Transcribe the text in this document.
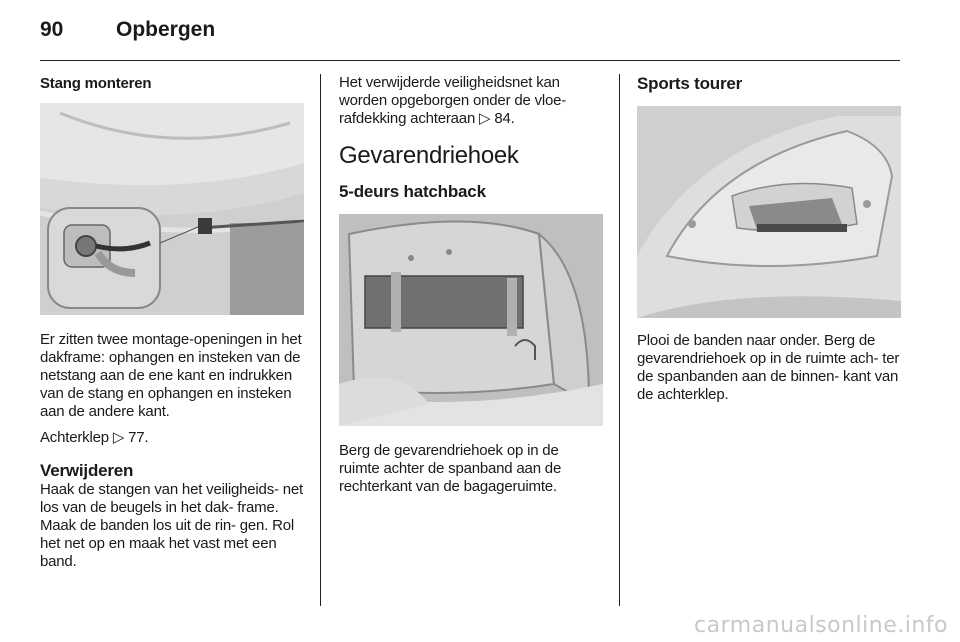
90	Opbergen
Stang monteren

Er zitten twee montage-openingen in het dakframe: ophangen en insteken van de netstang aan de ene kant en indrukken van de stang en ophangen en insteken aan de andere kant.

Achterklep ▷ 77.

Verwijderen

Haak de stangen van het veiligheids- net los van de beugels in het dak- frame. Maak de banden los uit de rin- gen. Rol het net op en maak het vast met een band.

Het verwijderde veiligheidsnet kan worden opgeborgen onder de vloe- rafdekking achteraan ▷ 84.

Gevarendriehoek
5-deurs hatchback

Berg de gevarendriehoek op in de ruimte achter de spanband aan de rechterkant van de bagageruimte.

Sports tourer

Plooi de banden naar onder. Berg de gevarendriehoek op in de ruimte ach- ter de spanbanden aan de binnen- kant van de achterklep.

carmanualsonline.info
